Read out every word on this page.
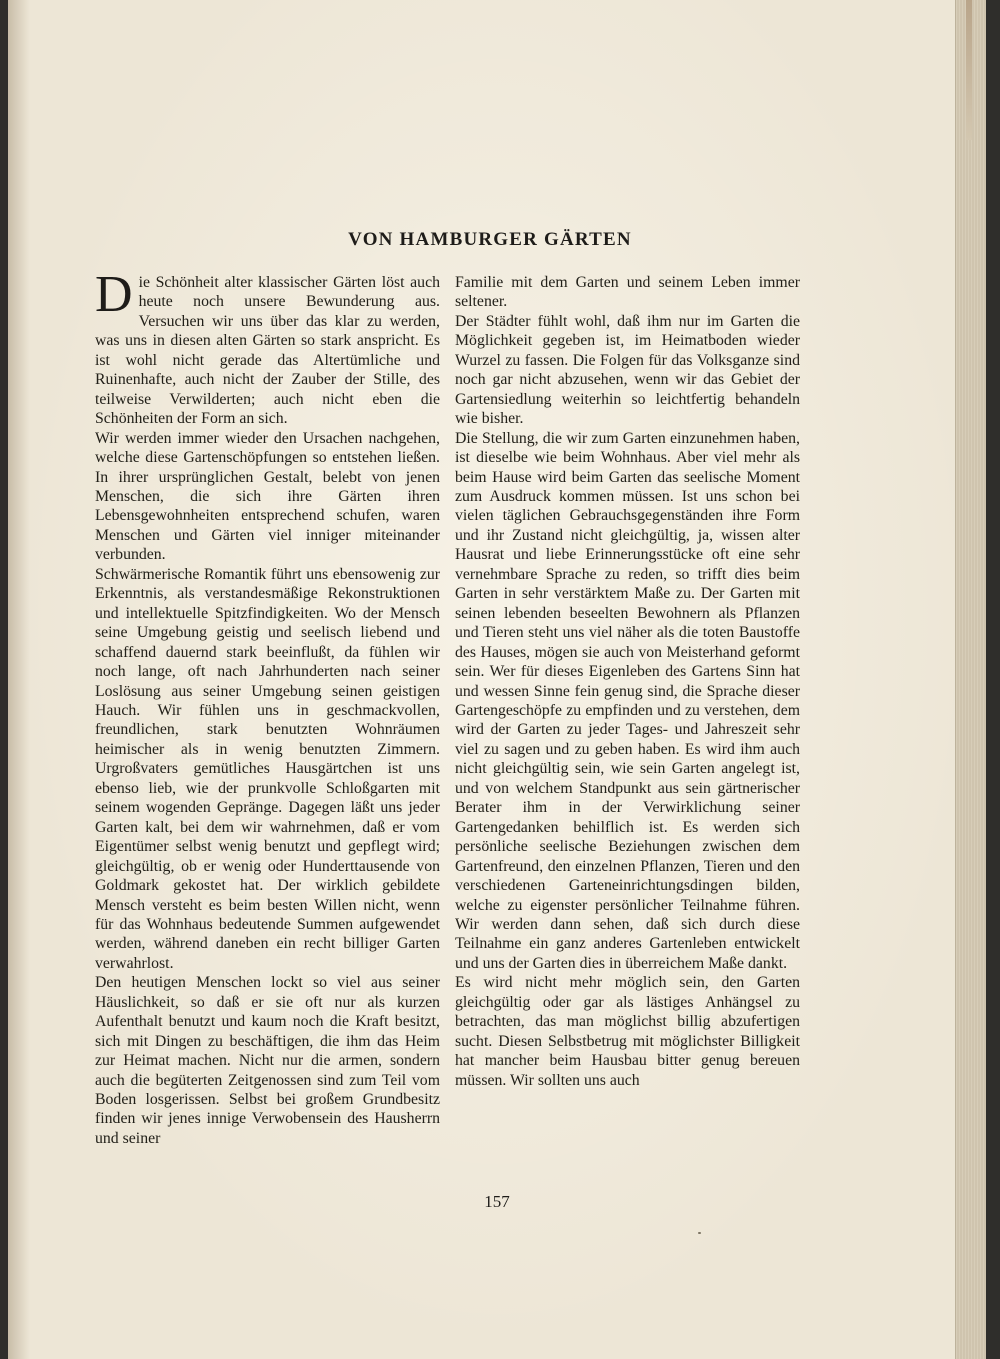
VON HAMBURGER GÄRTEN

Die Schönheit alter klassischer Gärten löst auch heute noch unsere Bewunderung aus. Versuchen wir uns über das klar zu werden, was uns in diesen alten Gärten so stark anspricht. Es ist wohl nicht gerade das Altertümliche und Ruinenhafte, auch nicht der Zauber der Stille, des teilweise Verwilderten; auch nicht eben die Schönheiten der Form an sich.

Wir werden immer wieder den Ursachen nachgehen, welche diese Gartenschöpfungen so entstehen ließen. In ihrer ursprünglichen Gestalt, belebt von jenen Menschen, die sich ihre Gärten ihren Lebensgewohnheiten entsprechend schufen, waren Menschen und Gärten viel inniger miteinander verbunden.

Schwärmerische Romantik führt uns ebensowenig zur Erkenntnis, als verstandesmäßige Rekonstruktionen und intellektuelle Spitzfindigkeiten. Wo der Mensch seine Umgebung geistig und seelisch liebend und schaffend dauernd stark beeinflußt, da fühlen wir noch lange, oft nach Jahrhunderten nach seiner Loslösung aus seiner Umgebung seinen geistigen Hauch. Wir fühlen uns in geschmackvollen, freundlichen, stark benutzten Wohnräumen heimischer als in wenig benutzten Zimmern. Urgroßvaters gemütliches Hausgärtchen ist uns ebenso lieb, wie der prunkvolle Schloßgarten mit seinem wogenden Gepränge. Dagegen läßt uns jeder Garten kalt, bei dem wir wahrnehmen, daß er vom Eigentümer selbst wenig benutzt und gepflegt wird; gleichgültig, ob er wenig oder Hunderttausende von Goldmark gekostet hat. Der wirklich gebildete Mensch versteht es beim besten Willen nicht, wenn für das Wohnhaus bedeutende Summen aufgewendet werden, während daneben ein recht billiger Garten verwahrlost.

Den heutigen Menschen lockt so viel aus seiner Häuslichkeit, so daß er sie oft nur als kurzen Aufenthalt benutzt und kaum noch die Kraft besitzt, sich mit Dingen zu beschäftigen, die ihm das Heim zur Heimat machen. Nicht nur die armen, sondern auch die begüterten Zeitgenossen sind zum Teil vom Boden losgerissen. Selbst bei großem Grundbesitz finden wir jenes innige Verwobensein des Hausherrn und seiner

Familie mit dem Garten und seinem Leben immer seltener.

Der Städter fühlt wohl, daß ihm nur im Garten die Möglichkeit gegeben ist, im Heimatboden wieder Wurzel zu fassen. Die Folgen für das Volksganze sind noch gar nicht abzusehen, wenn wir das Gebiet der Gartensiedlung weiterhin so leichtfertig behandeln wie bisher.

Die Stellung, die wir zum Garten einzunehmen haben, ist dieselbe wie beim Wohnhaus. Aber viel mehr als beim Hause wird beim Garten das seelische Moment zum Ausdruck kommen müssen. Ist uns schon bei vielen täglichen Gebrauchsgegenständen ihre Form und ihr Zustand nicht gleichgültig, ja, wissen alter Hausrat und liebe Erinnerungsstücke oft eine sehr vernehmbare Sprache zu reden, so trifft dies beim Garten in sehr verstärktem Maße zu. Der Garten mit seinen lebenden beseelten Bewohnern als Pflanzen und Tieren steht uns viel näher als die toten Baustoffe des Hauses, mögen sie auch von Meisterhand geformt sein. Wer für dieses Eigenleben des Gartens Sinn hat und wessen Sinne fein genug sind, die Sprache dieser Gartengeschöpfe zu empfinden und zu verstehen, dem wird der Garten zu jeder Tages- und Jahreszeit sehr viel zu sagen und zu geben haben. Es wird ihm auch nicht gleichgültig sein, wie sein Garten angelegt ist, und von welchem Standpunkt aus sein gärtnerischer Berater ihm in der Verwirklichung seiner Gartengedanken behilflich ist. Es werden sich persönliche seelische Beziehungen zwischen dem Gartenfreund, den einzelnen Pflanzen, Tieren und den verschiedenen Garteneinrichtungsdingen bilden, welche zu eigenster persönlicher Teilnahme führen. Wir werden dann sehen, daß sich durch diese Teilnahme ein ganz anderes Gartenleben entwickelt und uns der Garten dies in überreichem Maße dankt.

Es wird nicht mehr möglich sein, den Garten gleichgültig oder gar als lästiges Anhängsel zu betrachten, das man möglichst billig abzufertigen sucht. Diesen Selbstbetrug mit möglichster Billigkeit hat mancher beim Hausbau bitter genug bereuen müssen. Wir sollten uns auch

157
